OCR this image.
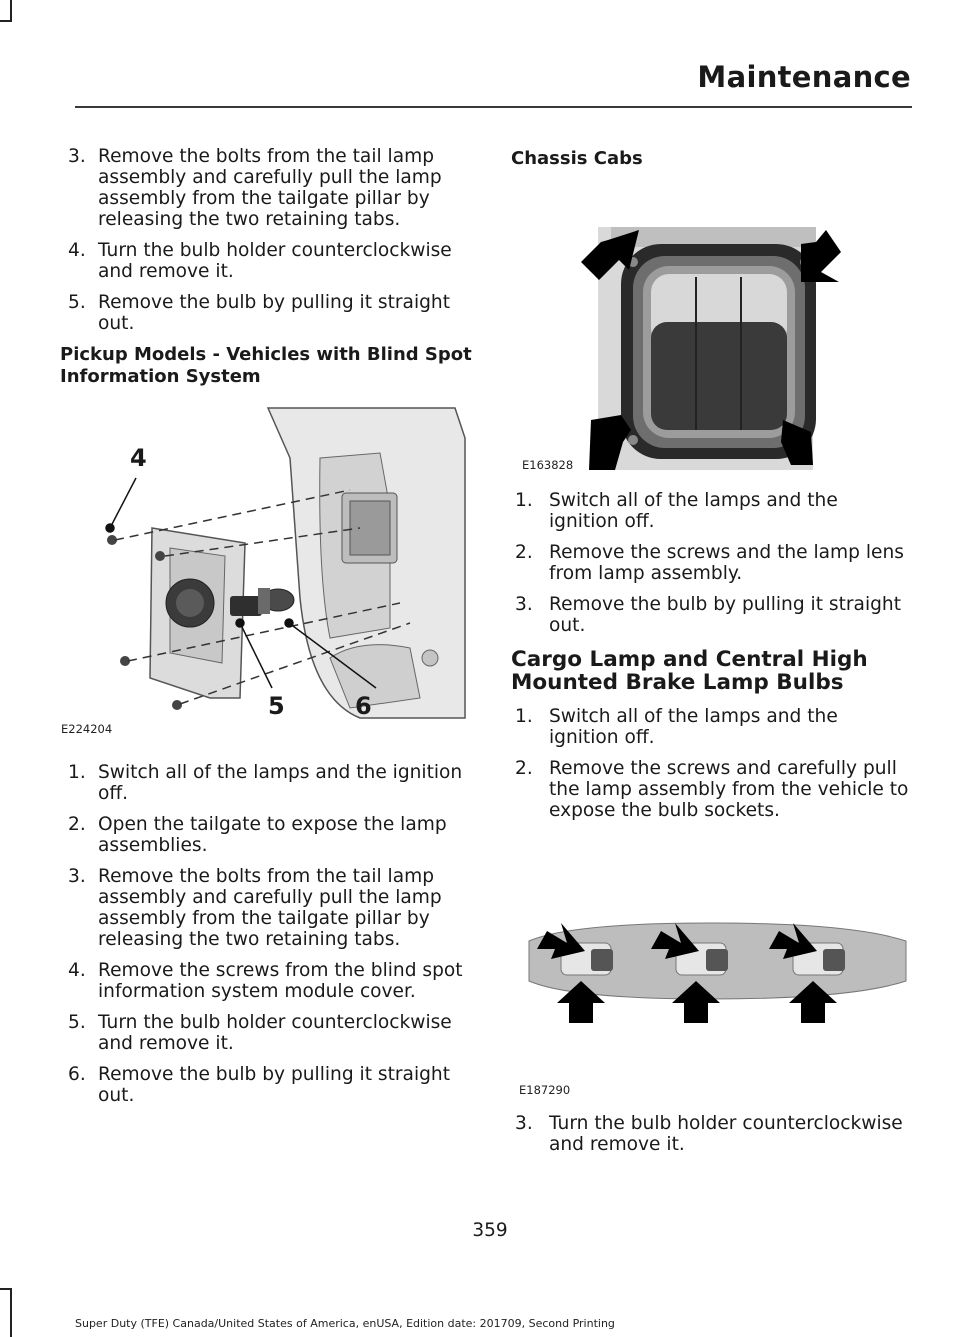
Maintenance
3. Remove the bolts from the tail lamp assembly and carefully pull the lamp assembly from the tailgate pillar by releasing the two retaining tabs.
4. Turn the bulb holder counterclockwise and remove it.
5. Remove the bulb by pulling it straight out.
Pickup Models - Vehicles with Blind Spot Information System
4
5	6
E224204
1. Switch all of the lamps and the ignition off.
2. Open the tailgate to expose the lamp assemblies.
3. Remove the bolts from the tail lamp assembly and carefully pull the lamp assembly from the tailgate pillar by releasing the two retaining tabs.
4. Remove the screws from the blind spot information system module cover.
5. Turn the bulb holder counterclockwise and remove it.
6. Remove the bulb by pulling it straight out.
Chassis Cabs
E163828
1. Switch all of the lamps and the ignition off.
2. Remove the screws and the lamp lens from lamp assembly.
3. Remove the bulb by pulling it straight out.
Cargo Lamp and Central High Mounted Brake Lamp Bulbs
1. Switch all of the lamps and the ignition off.
2. Remove the screws and carefully pull the lamp assembly from the vehicle to expose the bulb sockets.
E187290
3. Turn the bulb holder counterclockwise and remove it.
359
Super Duty (TFE) Canada/United States of America, enUSA, Edition date: 201709, Second Printing
